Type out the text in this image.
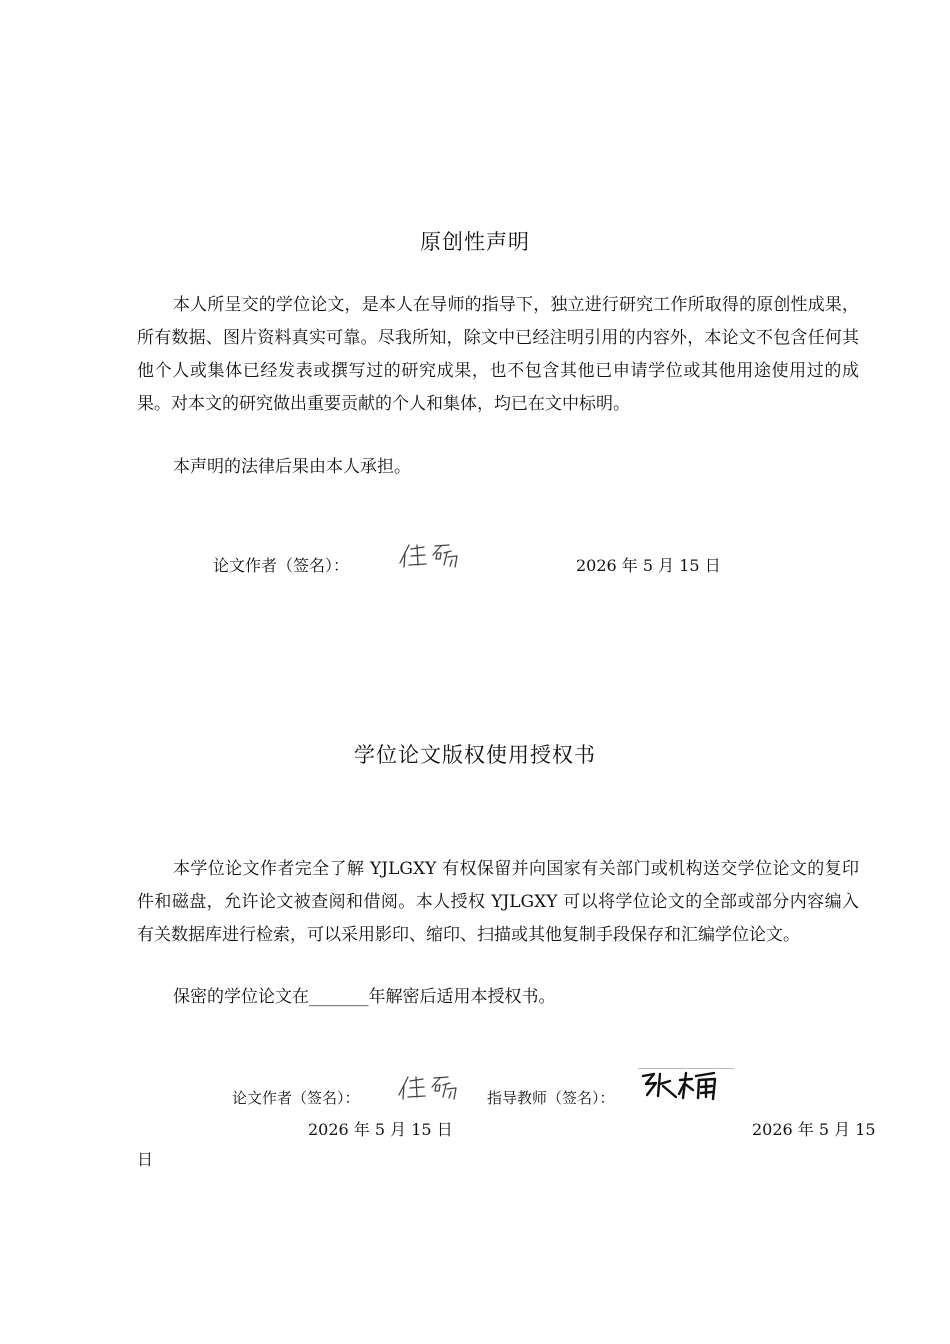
原创性声明

本人所呈交的学位论文，是本人在导师的指导下，独立进行研究工作所取得的原创性成果，所有数据、图片资料真实可靠。尽我所知，除文中已经注明引用的内容外，本论文不包含任何其他个人或集体已经发表或撰写过的研究成果，也不包含其他已申请学位或其他用途使用过的成果。对本文的研究做出重要贡献的个人和集体，均已在文中标明。

本声明的法律后果由本人承担。

论文作者（签名）：	2026 年 5 月 15 日
学位论文版权使用授权书

本学位论文作者完全了解 YJLGXY 有权保留并向国家有关部门或机构送交学位论文的复印件和磁盘，允许论文被查阅和借阅。本人授权 YJLGXY 可以将学位论文的全部或部分内容编入有关数据库进行检索，可以采用影印、缩印、扫描或其他复制手段保存和汇编学位论文。

保密的学位论文在_______年解密后适用本授权书。

论文作者（签名）：	指导教师（签名）：
2026 年 5 月 15 日	2026 年 5 月 15
日
